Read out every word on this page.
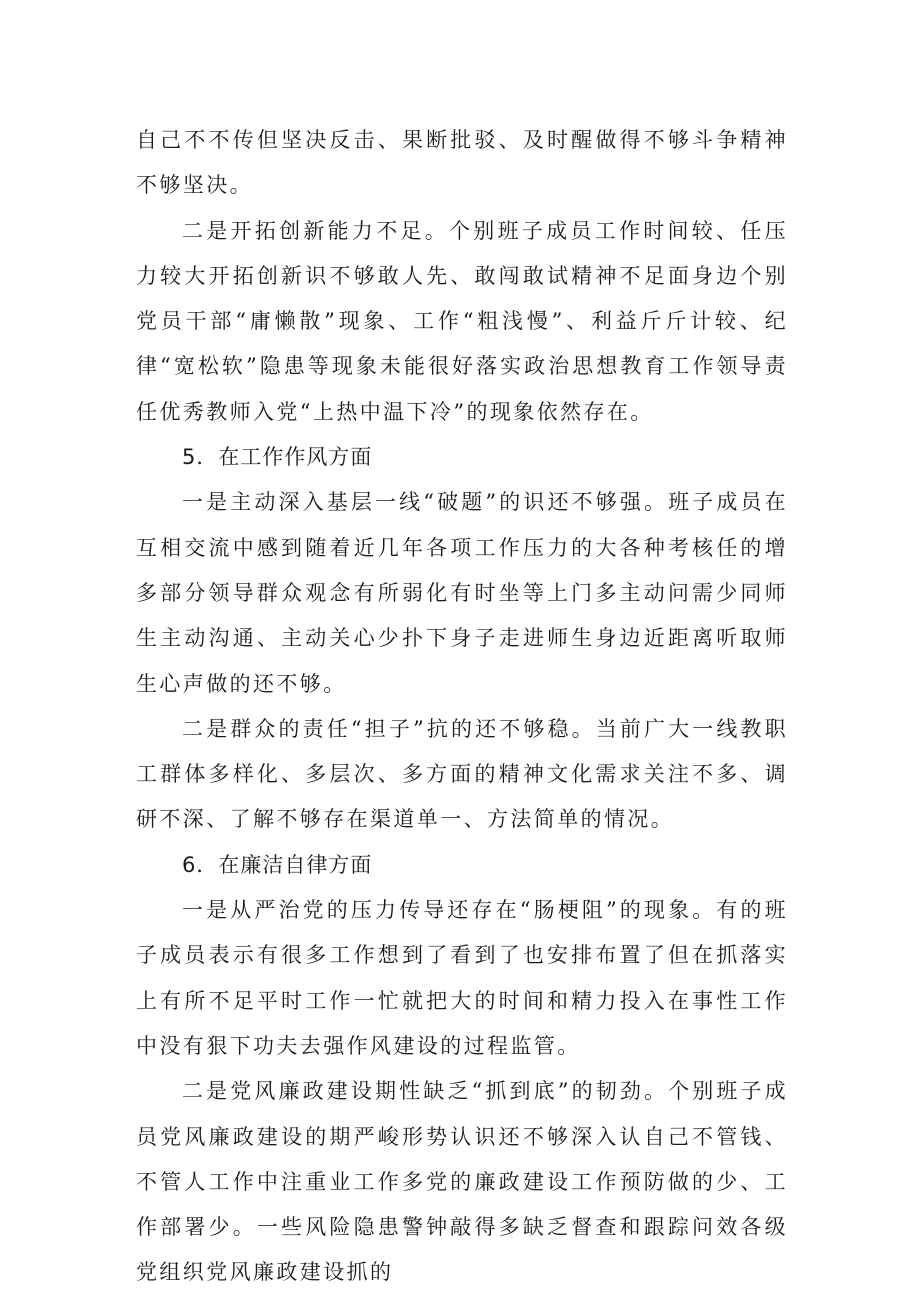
自己不不传但坚决反击、果断批驳、及时醒做得不够斗争精神不够坚决。

二是开拓创新能力不足。个别班子成员工作时间较、任压力较大开拓创新识不够敢人先、敢闯敢试精神不足面身边个别党员干部“庸懒散”现象、工作“粗浅慢”、利益斤斤计较、纪律“宽松软”隐患等现象未能很好落实政治思想教育工作领导责任优秀教师入党“上热中温下冷”的现象依然存在。

5．在工作作风方面

一是主动深入基层一线“破题”的识还不够强。班子成员在互相交流中感到随着近几年各项工作压力的大各种考核任的增多部分领导群众观念有所弱化有时坐等上门多主动问需少同师生主动沟通、主动关心少扑下身子走进师生身边近距离听取师生心声做的还不够。

二是群众的责任“担子”抗的还不够稳。当前广大一线教职工群体多样化、多层次、多方面的精神文化需求关注不多、调研不深、了解不够存在渠道单一、方法简单的情况。

6．在廉洁自律方面

一是从严治党的压力传导还存在“肠梗阻”的现象。有的班子成员表示有很多工作想到了看到了也安排布置了但在抓落实上有所不足平时工作一忙就把大的时间和精力投入在事性工作中没有狠下功夫去强作风建设的过程监管。

二是党风廉政建设期性缺乏“抓到底”的韧劲。个别班子成员党风廉政建设的期严峻形势认识还不够深入认自己不管钱、不管人工作中注重业工作多党的廉政建设工作预防做的少、工作部署少。一些风险隐患警钟敲得多缺乏督查和跟踪问效各级党组织党风廉政建设抓的
